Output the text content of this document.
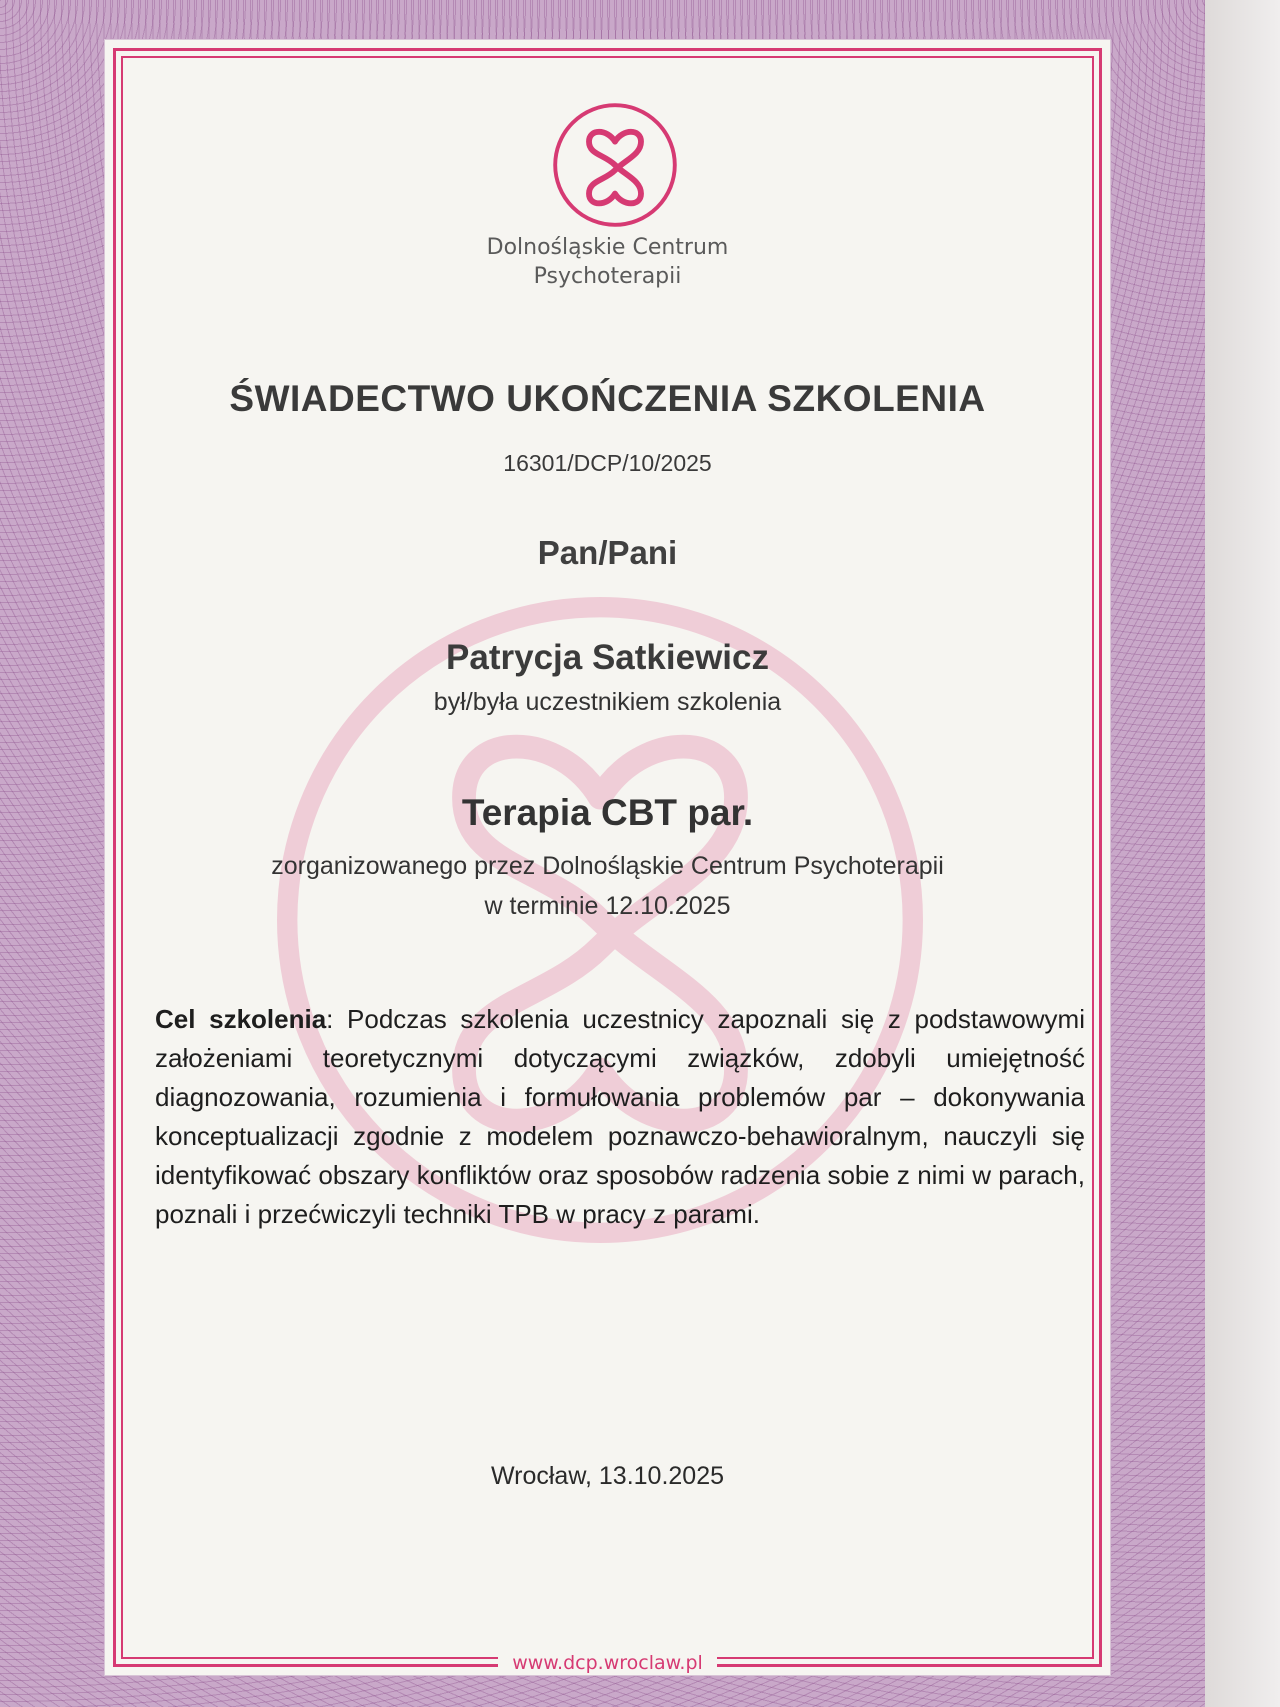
Dolnośląskie Centrum
Psychoterapii
ŚWIADECTWO UKOŃCZENIA SZKOLENIA
16301/DCP/10/2025
Pan/Pani
Patrycja Satkiewicz
był/była uczestnikiem szkolenia
Terapia CBT par.
zorganizowanego przez Dolnośląskie Centrum Psychoterapii
w terminie 12.10.2025
Cel szkolenia: Podczas szkolenia uczestnicy zapoznali się z podstawowymi założeniami teoretycznymi dotyczącymi związków, zdobyli umiejętność diagnozowania, rozumienia i formułowania problemów par – dokonywania konceptualizacji zgodnie z modelem poznawczo-behawioralnym, nauczyli się identyfikować obszary konfliktów oraz sposobów radzenia sobie z nimi w parach, poznali i przećwiczyli techniki TPB w pracy z parami.
Wrocław, 13.10.2025
www.dcp.wroclaw.pl
